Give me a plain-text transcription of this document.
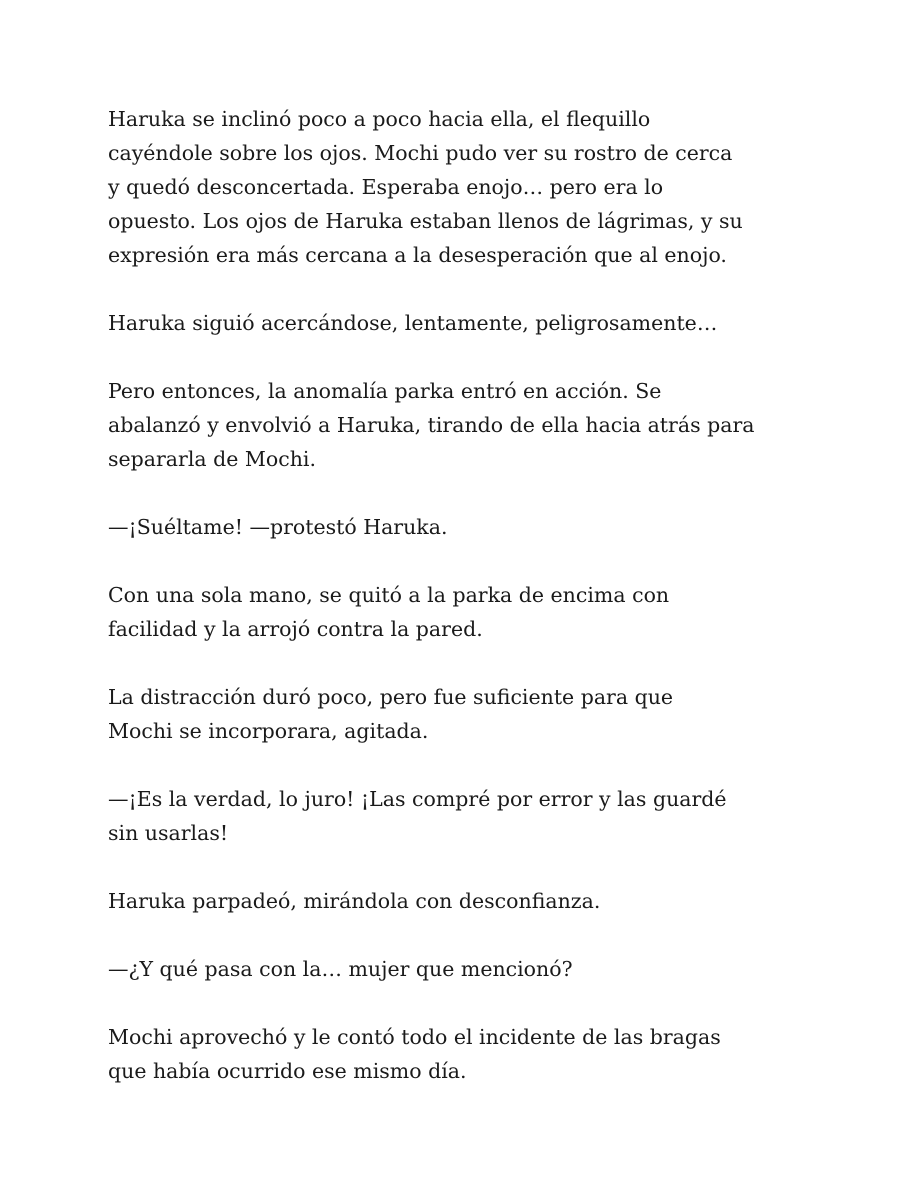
Haruka se inclinó poco a poco hacia ella, el flequillo
cayéndole sobre los ojos. Mochi pudo ver su rostro de cerca
y quedó desconcertada. Esperaba enojo… pero era lo
opuesto. Los ojos de Haruka estaban llenos de lágrimas, y su
expresión era más cercana a la desesperación que al enojo.

Haruka siguió acercándose, lentamente, peligrosamente…

Pero entonces, la anomalía parka entró en acción. Se
abalanzó y envolvió a Haruka, tirando de ella hacia atrás para
separarla de Mochi.

—¡Suéltame! —protestó Haruka.

Con una sola mano, se quitó a la parka de encima con
facilidad y la arrojó contra la pared.

La distracción duró poco, pero fue suficiente para que
Mochi se incorporara, agitada.

—¡Es la verdad, lo juro! ¡Las compré por error y las guardé
sin usarlas!

Haruka parpadeó, mirándola con desconfianza.

—¿Y qué pasa con la… mujer que mencionó?

Mochi aprovechó y le contó todo el incidente de las bragas
que había ocurrido ese mismo día.
